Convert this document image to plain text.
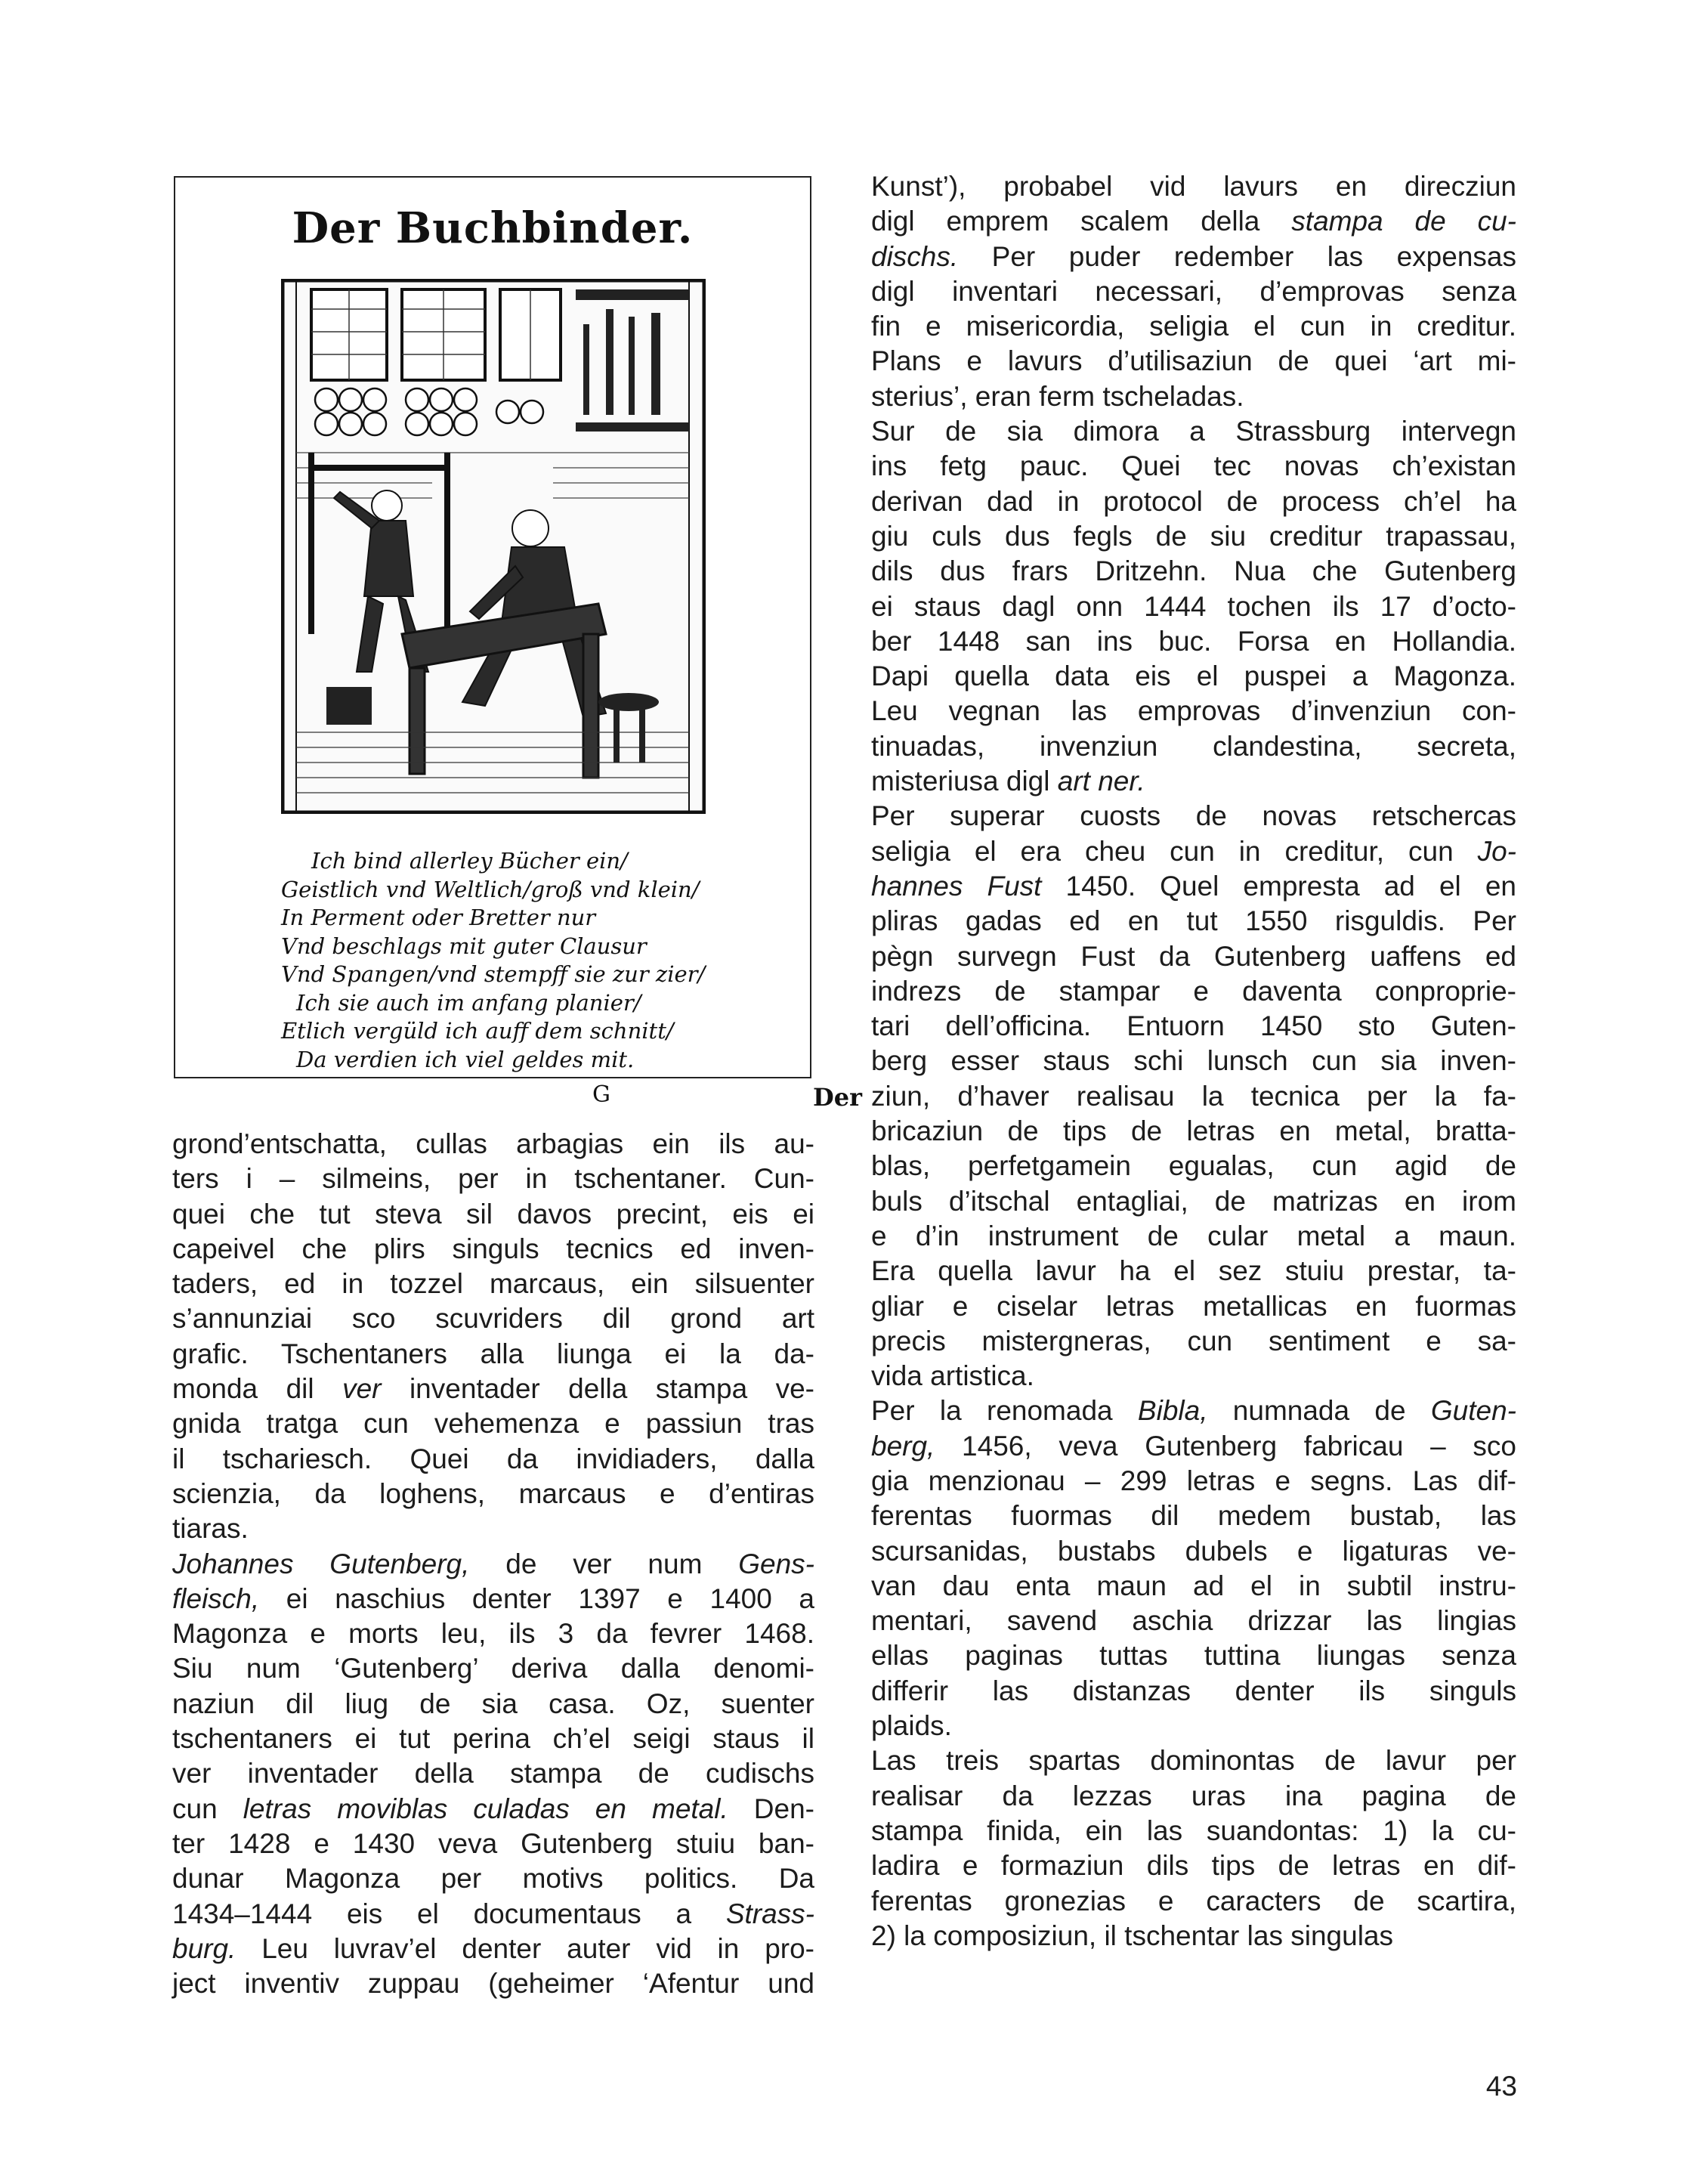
Der Buchbinder.
Ich bind allerley Bücher ein/
Geistlich vnd Weltlich/groß vnd klein/
In Perment oder Bretter nur
Vnd beschlags mit guter Clausur
Vnd Spangen/vnd stempff sie zur zier/
Ich sie auch im anfang planier/
Etlich vergüld ich auff dem schnitt/
Da verdien ich viel geldes mit.
G	Der
grond’entschatta, cullas arbagias ein ils au-
ters i – silmeins, per in tschentaner. Cun-
quei che tut steva sil davos precint, eis ei
capeivel che plirs singuls tecnics ed inven-
taders, ed in tozzel marcaus, ein silsuenter
s’annunziai sco scuvriders dil grond art
grafic. Tschentaners alla liunga ei la da-
monda dil ver inventader della stampa ve-
gnida tratga cun vehemenza e passiun tras
il tschariesch. Quei da invidiaders, dalla
scienzia, da loghens, marcaus e d’entiras
tiaras.
Johannes Gutenberg, de ver num Gens-
fleisch, ei naschius denter 1397 e 1400 a
Magonza e morts leu, ils 3 da fevrer 1468.
Siu num ‘Gutenberg’ deriva dalla denomi-
naziun dil liug de sia casa. Oz, suenter
tschentaners ei tut perina ch’el seigi staus il
ver inventader della stampa de cudischs
cun letras moviblas culadas en metal. Den-
ter 1428 e 1430 veva Gutenberg stuiu ban-
dunar Magonza per motivs politics. Da
1434–1444 eis el documentaus a Strass-
burg. Leu luvrav’el denter auter vid in pro-
ject inventiv zuppau (geheimer ‘Afentur und
Kunst’), probabel vid lavurs en direcziun
digl emprem scalem della stampa de cu-
dischs. Per puder redember las expensas
digl inventari necessari, d’emprovas senza
fin e misericordia, seligia el cun in creditur.
Plans e lavurs d’utilisaziun de quei ‘art mi-
sterius’, eran ferm tscheladas.
Sur de sia dimora a Strassburg intervegn
ins fetg pauc. Quei tec novas ch’existan
derivan dad in protocol de process ch’el ha
giu culs dus fegls de siu creditur trapassau,
dils dus frars Dritzehn. Nua che Gutenberg
ei staus dagl onn 1444 tochen ils 17 d’octo-
ber 1448 san ins buc. Forsa en Hollandia.
Dapi quella data eis el puspei a Magonza.
Leu vegnan las emprovas d’invenziun con-
tinuadas, invenziun clandestina, secreta,
misteriusa digl art ner.
Per superar cuosts de novas retschercas
seligia el era cheu cun in creditur, cun Jo-
hannes Fust 1450. Quel empresta ad el en
pliras gadas ed en tut 1550 risguldis. Per
pègn survegn Fust da Gutenberg uaffens ed
indrezs de stampar e daventa conproprie-
tari dell’officina. Entuorn 1450 sto Guten-
berg esser staus schi lunsch cun sia inven-
ziun, d’haver realisau la tecnica per la fa-
bricaziun de tips de letras en metal, bratta-
blas, perfetgamein egualas, cun agid de
buls d’itschal entagliai, de matrizas en irom
e d’in instrument de cular metal a maun.
Era quella lavur ha el sez stuiu prestar, ta-
gliar e ciselar letras metallicas en fuormas
precis mistergneras, cun sentiment e sa-
vida artistica.
Per la renomada Bibla, numnada de Guten-
berg, 1456, veva Gutenberg fabricau – sco
gia menzionau – 299 letras e segns. Las dif-
ferentas fuormas dil medem bustab, las
scursanidas, bustabs dubels e ligaturas ve-
van dau enta maun ad el in subtil instru-
mentari, savend aschia drizzar las lingias
ellas paginas tuttas tuttina liungas senza
differir las distanzas denter ils singuls
plaids.
Las treis spartas dominontas de lavur per
realisar da lezzas uras ina pagina de
stampa finida, ein las suandontas: 1) la cu-
ladira e formaziun dils tips de letras en dif-
ferentas gronezias e caracters de scartira,
2) la composiziun, il tschentar las singulas
43
